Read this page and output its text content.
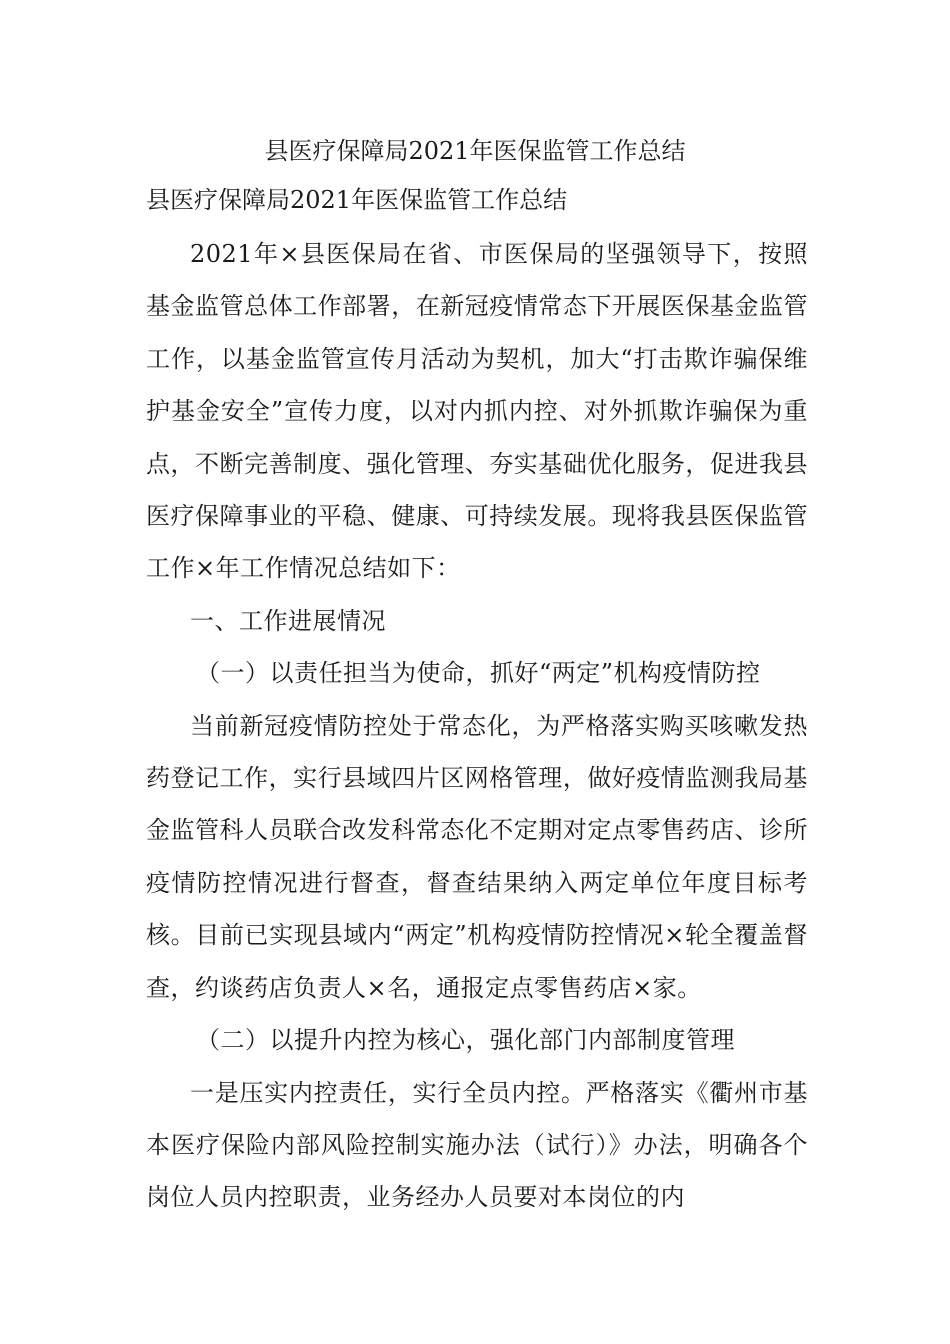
县医疗保障局2021年医保监管工作总结
县医疗保障局2021年医保监管工作总结

2021年×县医保局在省、市医保局的坚强领导下，按照基金监管总体工作部署，在新冠疫情常态下开展医保基金监管工作，以基金监管宣传月活动为契机，加大“打击欺诈骗保维护基金安全”宣传力度，以对内抓内控、对外抓欺诈骗保为重点，不断完善制度、强化管理、夯实基础优化服务，促进我县医疗保障事业的平稳、健康、可持续发展。现将我县医保监管工作×年工作情况总结如下：

一、工作进展情况

（一）以责任担当为使命，抓好“两定”机构疫情防控

当前新冠疫情防控处于常态化，为严格落实购买咳嗽发热药登记工作，实行县域四片区网格管理，做好疫情监测我局基金监管科人员联合改发科常态化不定期对定点零售药店、诊所疫情防控情况进行督查，督查结果纳入两定单位年度目标考核。目前已实现县域内“两定”机构疫情防控情况×轮全覆盖督查，约谈药店负责人×名，通报定点零售药店×家。

（二）以提升内控为核心，强化部门内部制度管理

一是压实内控责任，实行全员内控。严格落实《衢州市基本医疗保险内部风险控制实施办法（试行）》办法，明确各个岗位人员内控职责，业务经办人员要对本岗位的内
